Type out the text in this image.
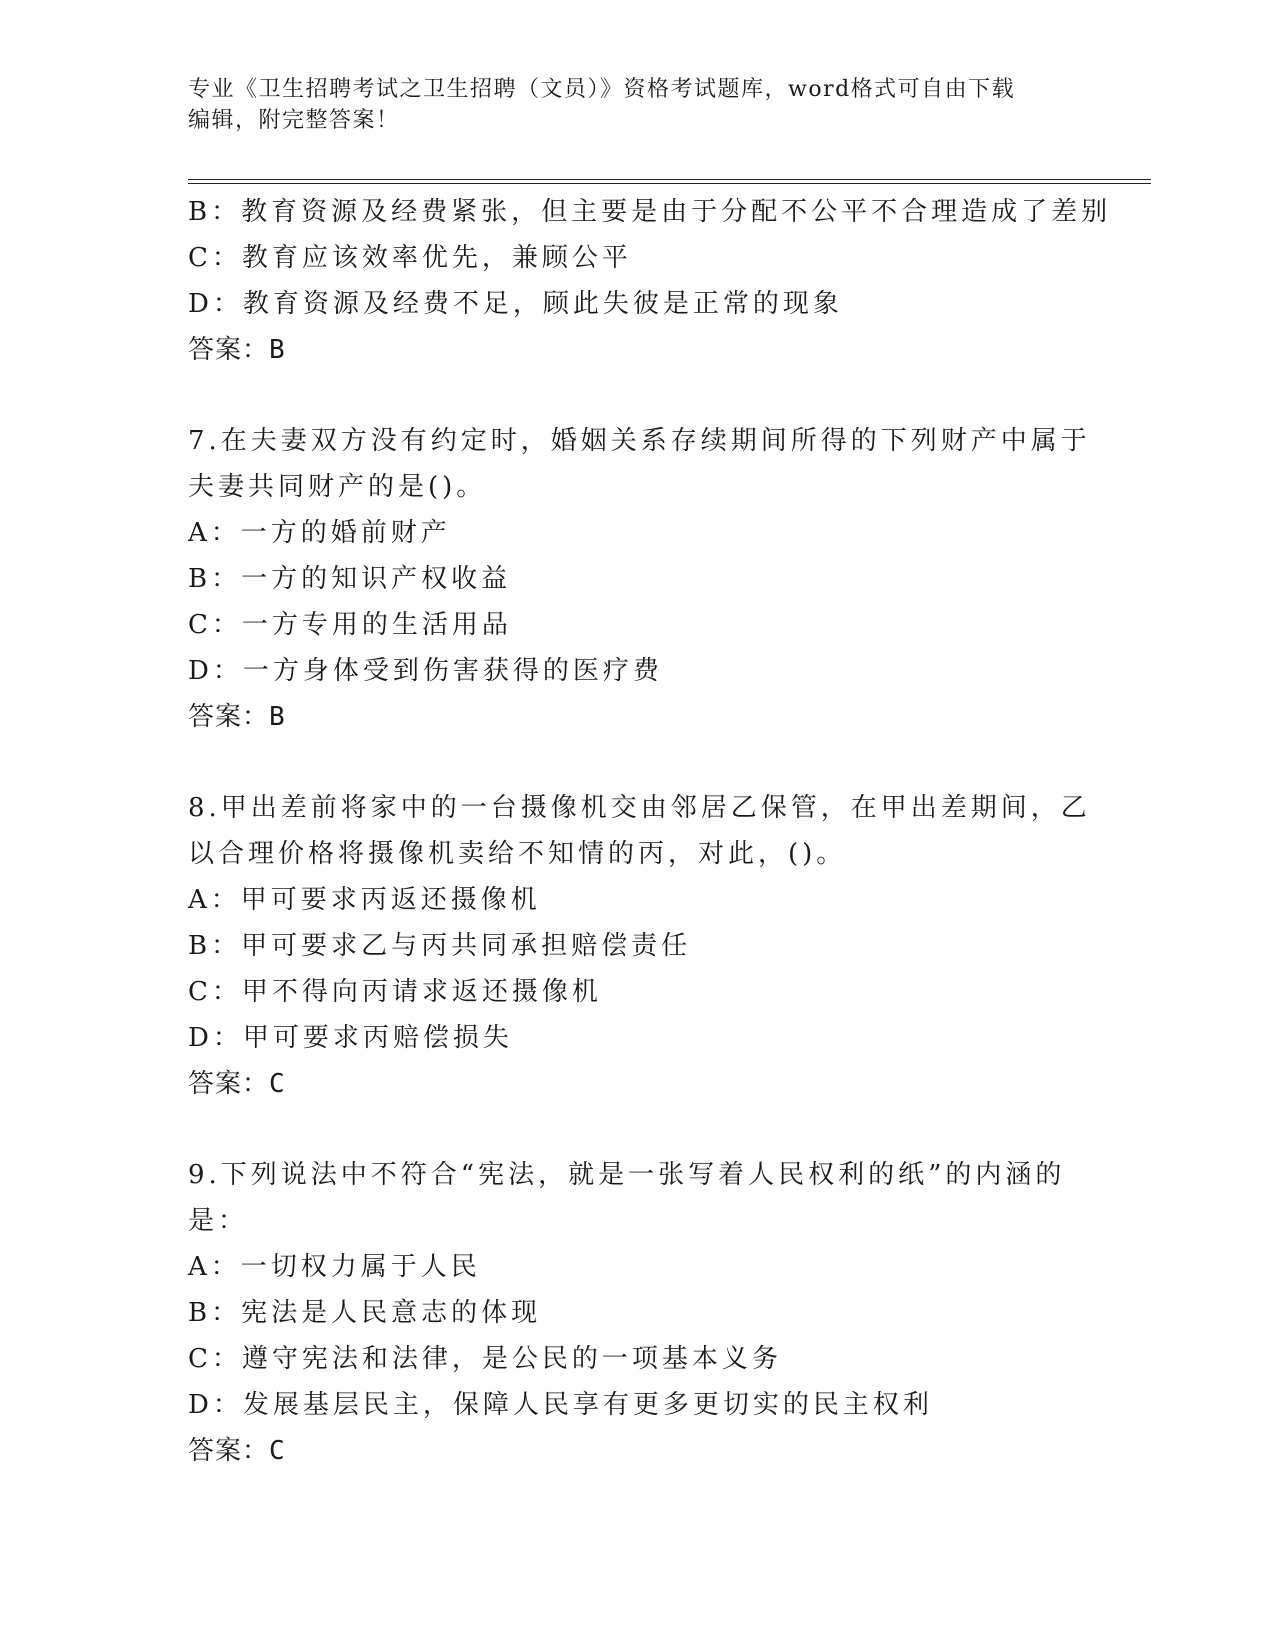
专业《卫生招聘考试之卫生招聘（文员）》资格考试题库，word格式可自由下载
编辑，附完整答案！
B：教育资源及经费紧张，但主要是由于分配不公平不合理造成了差别
C：教育应该效率优先，兼顾公平
D：教育资源及经费不足，顾此失彼是正常的现象
答案：B
7.在夫妻双方没有约定时，婚姻关系存续期间所得的下列财产中属于
夫妻共同财产的是()。
A：一方的婚前财产
B：一方的知识产权收益
C：一方专用的生活用品
D：一方身体受到伤害获得的医疗费
答案：B
8.甲出差前将家中的一台摄像机交由邻居乙保管，在甲出差期间，乙
以合理价格将摄像机卖给不知情的丙，对此，()。
A：甲可要求丙返还摄像机
B：甲可要求乙与丙共同承担赔偿责任
C：甲不得向丙请求返还摄像机
D：甲可要求丙赔偿损失
答案：C
9.下列说法中不符合“宪法，就是一张写着人民权利的纸”的内涵的
是：
A：一切权力属于人民
B：宪法是人民意志的体现
C：遵守宪法和法律，是公民的一项基本义务
D：发展基层民主，保障人民享有更多更切实的民主权利
答案：C
